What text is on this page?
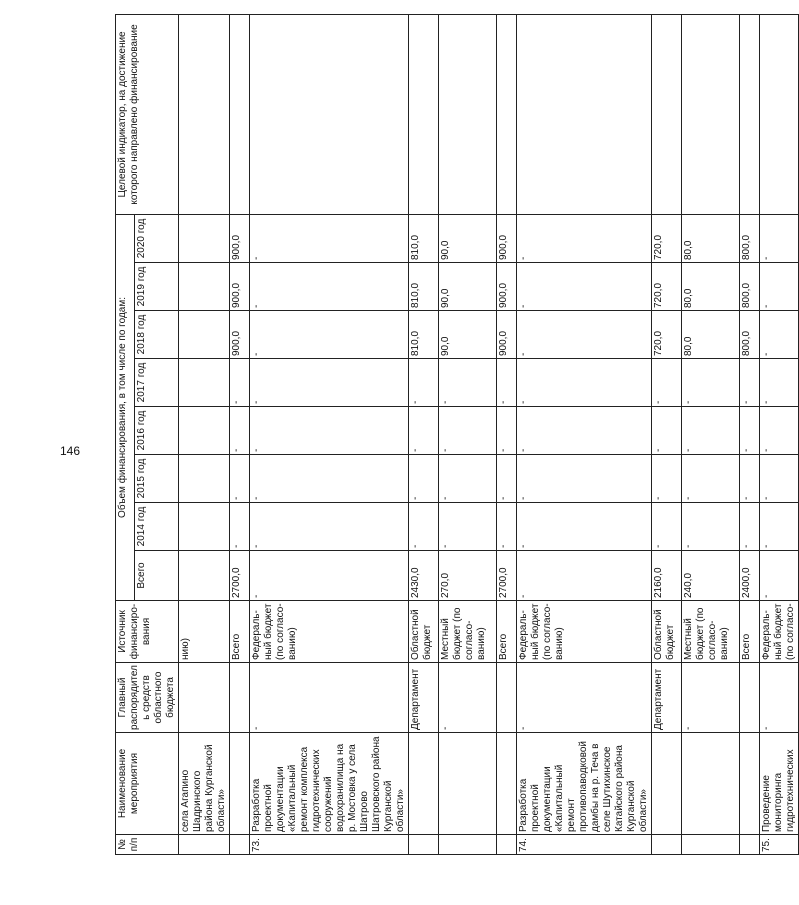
146
№ п/п	Наименование мероприятия	Главный распорядитель средств областного бюджета	Источник финансиро-вания	Объем финансирования, в том числе по годам:								Целевой индикатор, на достижение которого направлено финансирование
				Всего	2014 год	2015 год	2016 год	2017 год	2018 год	2019 год	2020 год	
	села Агапино Шадринского района Курганской области»		нию)									
			Всего	2700,0	-	-	-	-	900,0	900,0	900,0	
73.	Разработка проектной документации «Капитальный ремонт комплекса гидротехнических сооружений водохранилища на р. Мостовка у села Шатрово Шатровского района Курганской области»	-	Федераль-ный бюджет (по согласо-ванию)	-	-	-	-	-	-	-	-	
		Департамент	Областной бюджет	2430,0	-	-	-	-	810,0	810,0	810,0	
		-	Местный бюджет (по согласо-ванию)	270,0	-	-	-	-	90,0	90,0	90,0	
			Всего	2700,0	-	-	-	-	900,0	900,0	900,0	
74.	Разработка проектной документации «Капитальный ремонт противопаводковой дамбы на р. Теча в селе Шутихинское Катайского района Курганской области»	-	Федераль-ный бюджет (по согласо-ванию)	-	-	-	-	-	-	-	-	
		Департамент	Областной бюджет	2160,0	-	-	-	-	720,0	720,0	720,0	
		-	Местный бюджет (по согласо-ванию)	240,0	-	-	-	-	80,0	80,0	80,0	
			Всего	2400,0	-	-	-	-	800,0	800,0	800,0	
75.	Проведение мониторинга гидротехнических	-	Федераль-ный бюджет (по согласо-	-	-	-	-	-	-	-	-	
